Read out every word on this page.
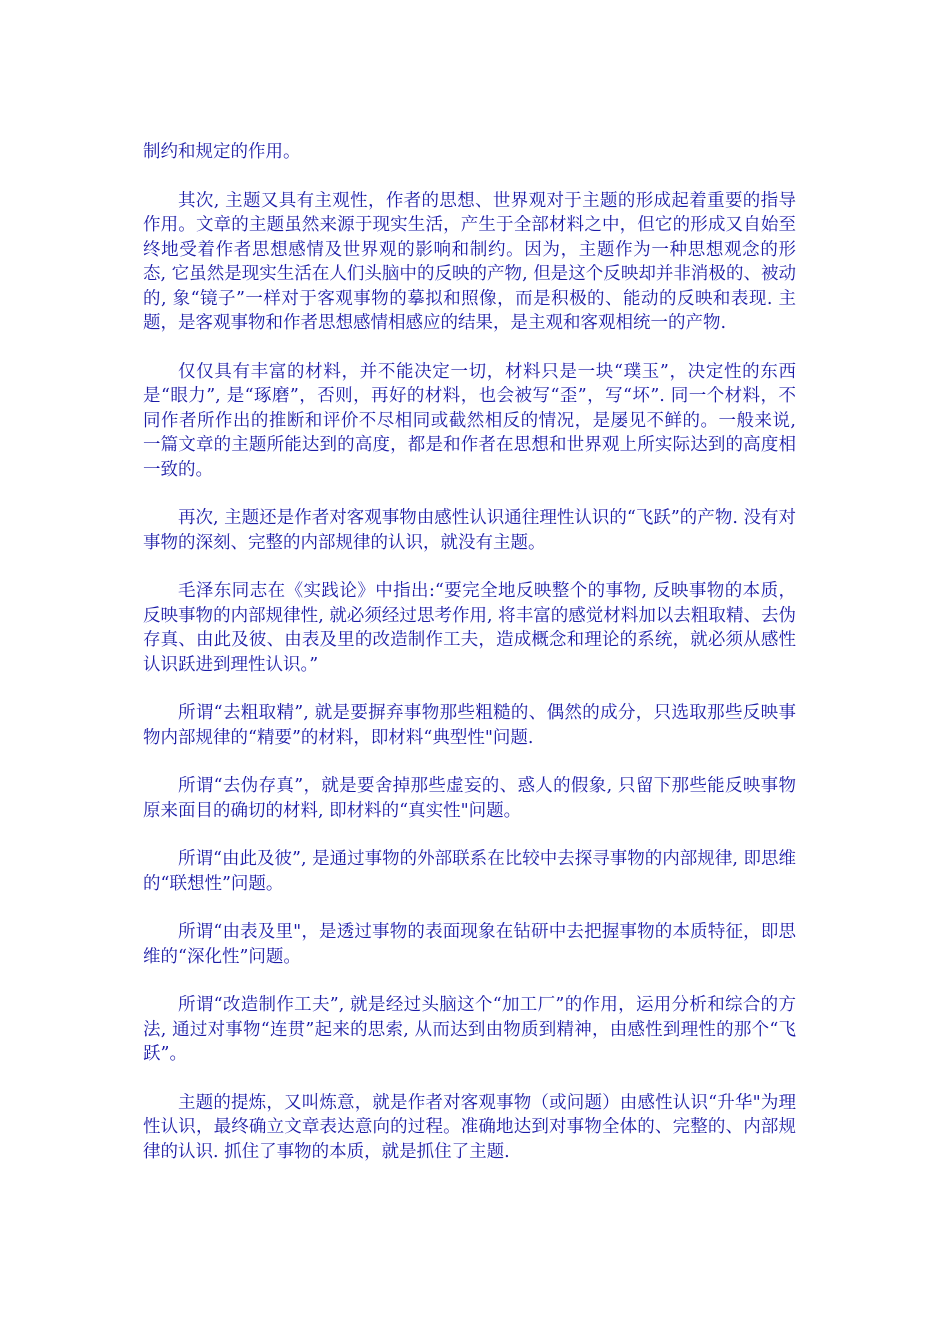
制约和规定的作用。

其次, 主题又具有主观性，作者的思想、世界观对于主题的形成起着重要的指导作用。文章的主题虽然来源于现实生活，产生于全部材料之中，但它的形成又自始至终地受着作者思想感情及世界观的影响和制约。因为，主题作为一种思想观念的形态, 它虽然是现实生活在人们头脑中的反映的产物, 但是这个反映却并非消极的、被动的, 象“镜子”一样对于客观事物的摹拟和照像，而是积极的、能动的反映和表现. 主题，是客观事物和作者思想感情相感应的结果，是主观和客观相统一的产物.

仅仅具有丰富的材料，并不能决定一切，材料只是一块“璞玉”，决定性的东西是“眼力”, 是“琢磨”，否则，再好的材料，也会被写“歪”，写“坏”. 同一个材料，不同作者所作出的推断和评价不尽相同或截然相反的情况，是屡见不鲜的。一般来说, 一篇文章的主题所能达到的高度，都是和作者在思想和世界观上所实际达到的高度相一致的。

再次, 主题还是作者对客观事物由感性认识通往理性认识的“飞跃”的产物. 没有对事物的深刻、完整的内部规律的认识，就没有主题。

毛泽东同志在《实践论》中指出:“要完全地反映整个的事物, 反映事物的本质，反映事物的内部规律性, 就必须经过思考作用, 将丰富的感觉材料加以去粗取精、去伪存真、由此及彼、由表及里的改造制作工夫，造成概念和理论的系统，就必须从感性认识跃进到理性认识。”

所谓“去粗取精”, 就是要摒弃事物那些粗糙的、偶然的成分，只选取那些反映事物内部规律的“精要”的材料，即材料“典型性"问题.

所谓“去伪存真”，就是要舍掉那些虚妄的、惑人的假象, 只留下那些能反映事物原来面目的确切的材料, 即材料的“真实性"问题。

所谓“由此及彼”, 是通过事物的外部联系在比较中去探寻事物的内部规律, 即思维的“联想性”问题。

所谓“由表及里"，是透过事物的表面现象在钻研中去把握事物的本质特征，即思维的“深化性”问题。

所谓“改造制作工夫”, 就是经过头脑这个“加工厂”的作用，运用分析和综合的方法, 通过对事物“连贯”起来的思索, 从而达到由物质到精神，由感性到理性的那个“飞跃”。

主题的提炼，又叫炼意，就是作者对客观事物（或问题）由感性认识“升华"为理性认识，最终确立文章表达意向的过程。准确地达到对事物全体的、完整的、内部规律的认识. 抓住了事物的本质，就是抓住了主题.
